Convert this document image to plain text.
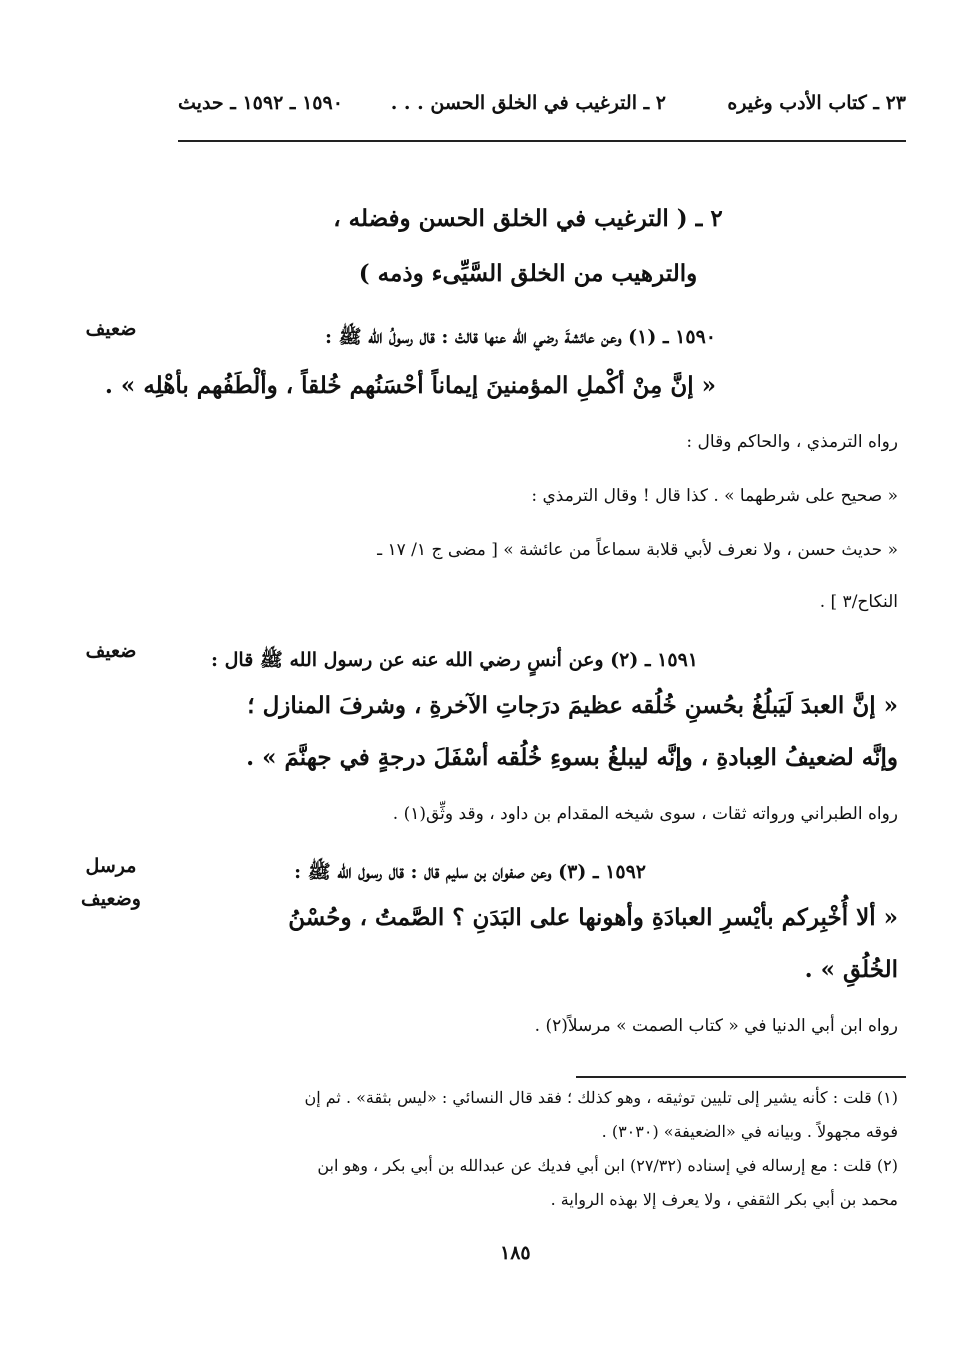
٢٣ ـ كتاب الأدب وغيره
٢ ـ الترغيب في الخلق الحسن . . .
١٥٩٠ ـ ١٥٩٢ ـ حديث
٢ ـ ( الترغيب في الخلق الحسن وفضله ،
والترهيب من الخلق السَّيِّىء وذمه )
ضعيف	١٥٩٠ ـ (١) وعن عائشةَ رضي الله عنها قالتْ : قال رسولُ الله ﷺ :
« إنَّ مِنْ أكْملِ المؤمنينَ إيماناً أحْسَنُهم خُلقاً ، وألْطَفُهم بأهْلِه » .
رواه الترمذي ، والحاكم وقال :
« صحيح على شرطهما » . كذا قال ! وقال الترمذي :
« حديث حسن ، ولا نعرف لأبي قلابة سماعاً من عائشة » [ مضى ج ١/ ١٧ ـ
النكاح/٣ ] .
ضعيف	١٥٩١ ـ (٢) وعن أنسٍ رضي الله عنه عن رسول الله ﷺ قال :
« إنَّ العبدَ لَيَبلُغُ بحُسنِ خُلُقه عظيمَ درَجاتِ الآخرةِ ، وشرفَ المنازل ؛
وإنَّه لضعيفُ العِبادةِ ، وإنَّه ليبلغُ بسوءِ خُلُقه أسْفَلَ درجةٍ في جهنَّمَ » .
رواه الطبراني ورواته ثقات ، سوى شيخه المقدام بن داود ، وقد وثِّق(١) .
مرسل
وضعيف
١٥٩٢ ـ (٣) وعن صفوان بن سليم قال : قال رسول الله ﷺ :
« ألا أُخْبِركم بأيْسرِ العبادَةِ وأهونها على البَدَنِ ؟ الصَّمتُ ، وحُسْنُ
الخُلُقِ » .
رواه ابن أبي الدنيا في « كتاب الصمت » مرسلاً(٢) .
(١) قلت : كأنه يشير إلى تليين توثيقه ، وهو كذلك ؛ فقد قال النسائي : «ليس بثقة» . ثم إن
فوقه مجهولاً . وبيانه في «الضعيفة» (٣٠٣٠) .
(٢) قلت : مع إرساله في إسناده (٢٧/٣٢) ابن أبي فديك عن عبدالله بن أبي بكر ، وهو ابن
محمد بن أبي بكر الثقفي ، ولا يعرف إلا بهذه الرواية .
١٨٥
